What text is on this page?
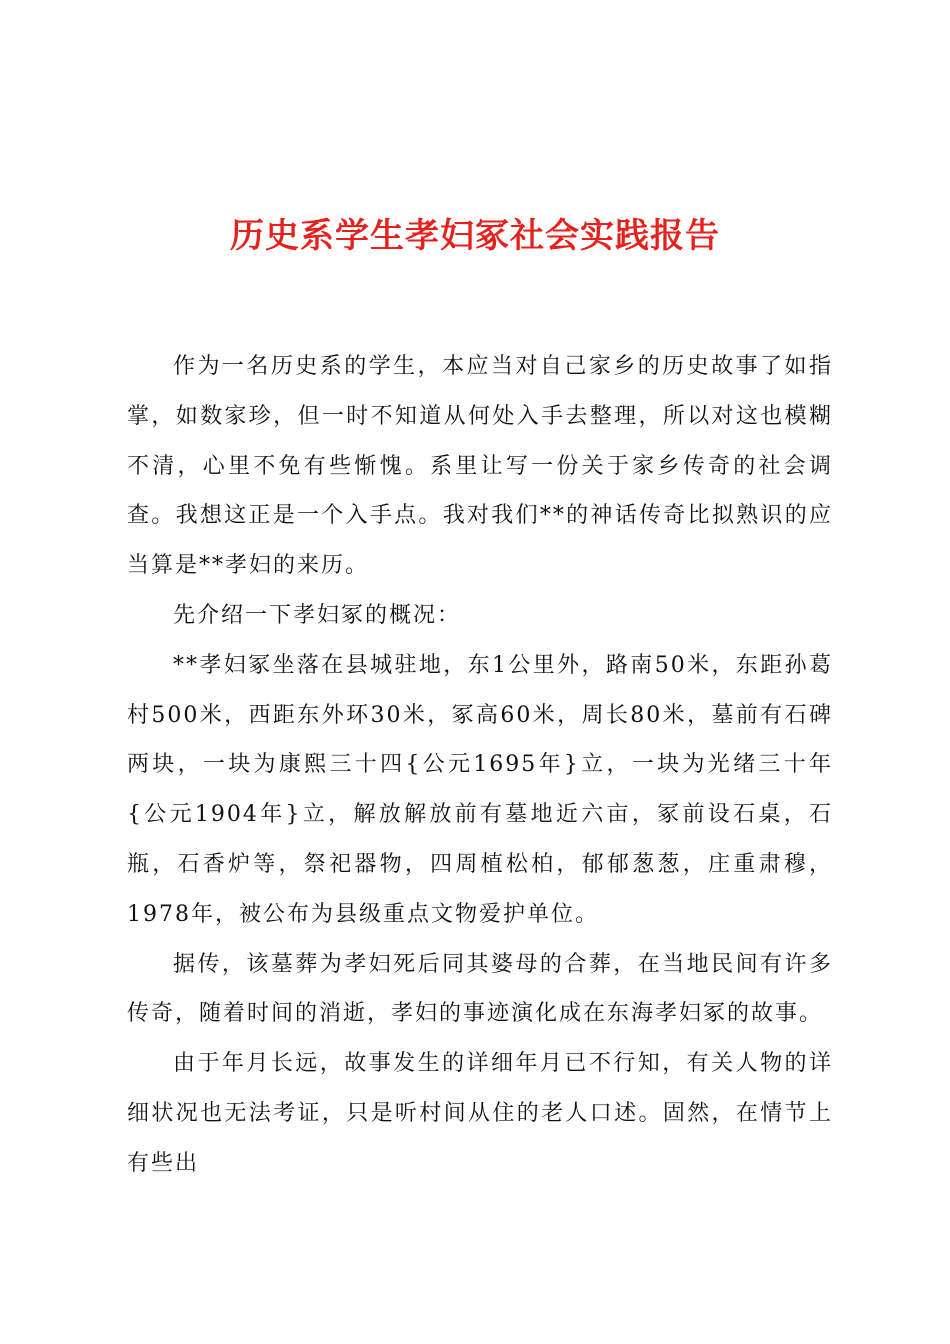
历史系学生孝妇冢社会实践报告

作为一名历史系的学生，本应当对自己家乡的历史故事了如指掌，如数家珍，但一时不知道从何处入手去整理，所以对这也模糊不清，心里不免有些惭愧。系里让写一份关于家乡传奇的社会调查。我想这正是一个入手点。我对我们**的神话传奇比拟熟识的应当算是**孝妇的来历。

先介绍一下孝妇冢的概况：

**孝妇冢坐落在县城驻地，东1公里外，路南50米，东距孙葛村500米，西距东外环30米，冢高60米，周长80米，墓前有石碑两块，一块为康熙三十四{公元1695年}立，一块为光绪三十年{公元1904年}立，解放解放前有墓地近六亩，冢前设石桌，石瓶，石香炉等，祭祀器物，四周植松柏，郁郁葱葱，庄重肃穆，1978年，被公布为县级重点文物爱护单位。

据传，该墓葬为孝妇死后同其婆母的合葬，在当地民间有许多传奇，随着时间的消逝，孝妇的事迹演化成在东海孝妇冢的故事。

由于年月长远，故事发生的详细年月已不行知，有关人物的详细状况也无法考证，只是听村间从住的老人口述。固然，在情节上有些出
